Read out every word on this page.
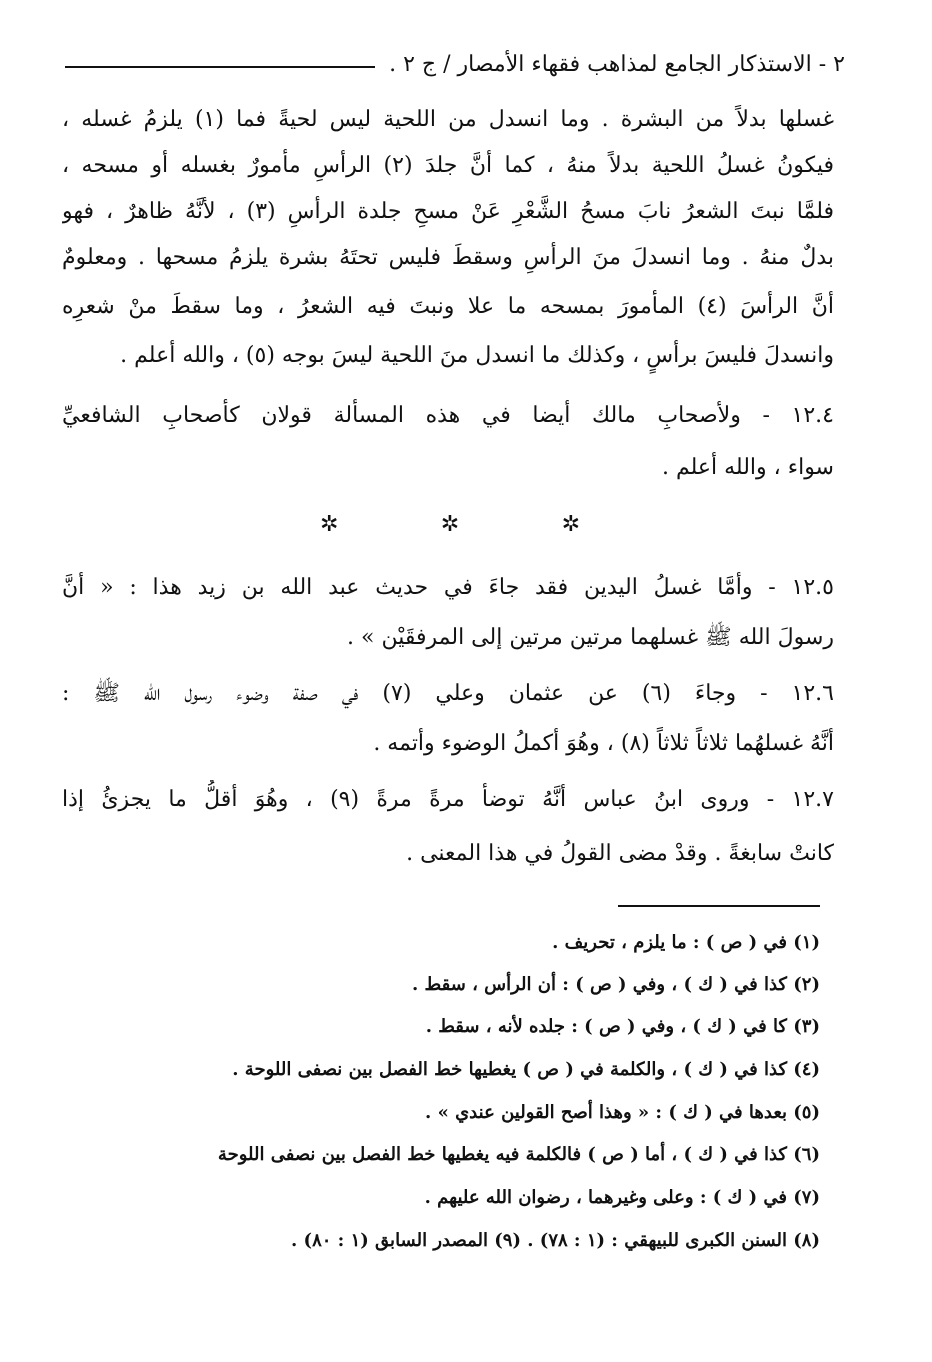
٢ - الاستذكار الجامع لمذاهب فقهاء الأمصار / ج ٢ .
غسلها بدلاً من البشرة . وما انسدل من اللحية ليس لحيةً فما (١) يلزمُ غسله ،
فيكونُ غسلُ اللحية بدلاً منهُ ، كما أنَّ جلدَ (٢) الرأسِ مأمورٌ بغسله أو مسحه ،
فلمَّا نبتَ الشعرُ نابَ مسحُ الشَّعْرِ عَنْ مسحِ جلدة الرأسِ (٣) ، لأنَّهُ ظاهرٌ ، فهو
بدلٌ منهُ . وما انسدلَ منَ الرأسِ وسقطَ فليس تحتَهُ بشرة يلزمُ مسحها . ومعلومٌ
أنَّ الرأسَ (٤) المأمورَ بمسحه ما علا ونبتَ فيه الشعرُ ، وما سقطَ منْ شعرِه
وانسدلَ فليسَ برأسٍ ، وكذلك ما انسدل منَ اللحية ليسَ بوجه (٥) ، والله أعلم .
١٢.٤ - ولأصحابِ مالك أيضا في هذه المسألة قولان كأصحابِ الشافعيِّ
سواء ، والله أعلم .
✲	✲	✲
١٢.٥ - وأمَّا غسلُ اليدين فقد جاءَ في حديث عبد الله بن زيد هذا : « أنَّ
رسولَ الله ﷺ غسلهما مرتين مرتين إلى المرفقَيْن » .
١٢.٦ - وجاءَ (٦) عن عثمان وعلي (٧) في صفة وضوء رسول الله ﷺ :
أنَّهُ غسلهُما ثلاثاً ثلاثاً (٨) ، وهُوَ أكملُ الوضوء وأتمه .
١٢.٧ - وروى ابنُ عباس أنَّهُ توضأ مرةً مرةً (٩) ، وهُوَ أقلُّ ما يجزئُ إذا
كانتْ سابغةً . وقدْ مضى القولُ في هذا المعنى .
(١) في ( ص ) : ما يلزم ، تحريف .
(٢) كذا في ( ك ) ، وفي ( ص ) : أن الرأس ، سقط .
(٣) كا في ( ك ) ، وفي ( ص ) : جلده لأنه ، سقط .
(٤) كذا في ( ك ) ، والكلمة في ( ص ) يغطيها خط الفصل بين نصفى اللوحة .
(٥) بعدها في ( ك ) : « وهذا أصح القولين عندي » .
(٦) كذا في ( ك ) ، أما ( ص ) فالكلمة فيه يغطيها خط الفصل بين نصفى اللوحة
(٧) في ( ك ) : وعلى وغيرهما ، رضوان الله عليهم .
(٨) السنن الكبرى للبيهقي : (١ : ٧٨) . (٩) المصدر السابق (١ : ٨٠) .
